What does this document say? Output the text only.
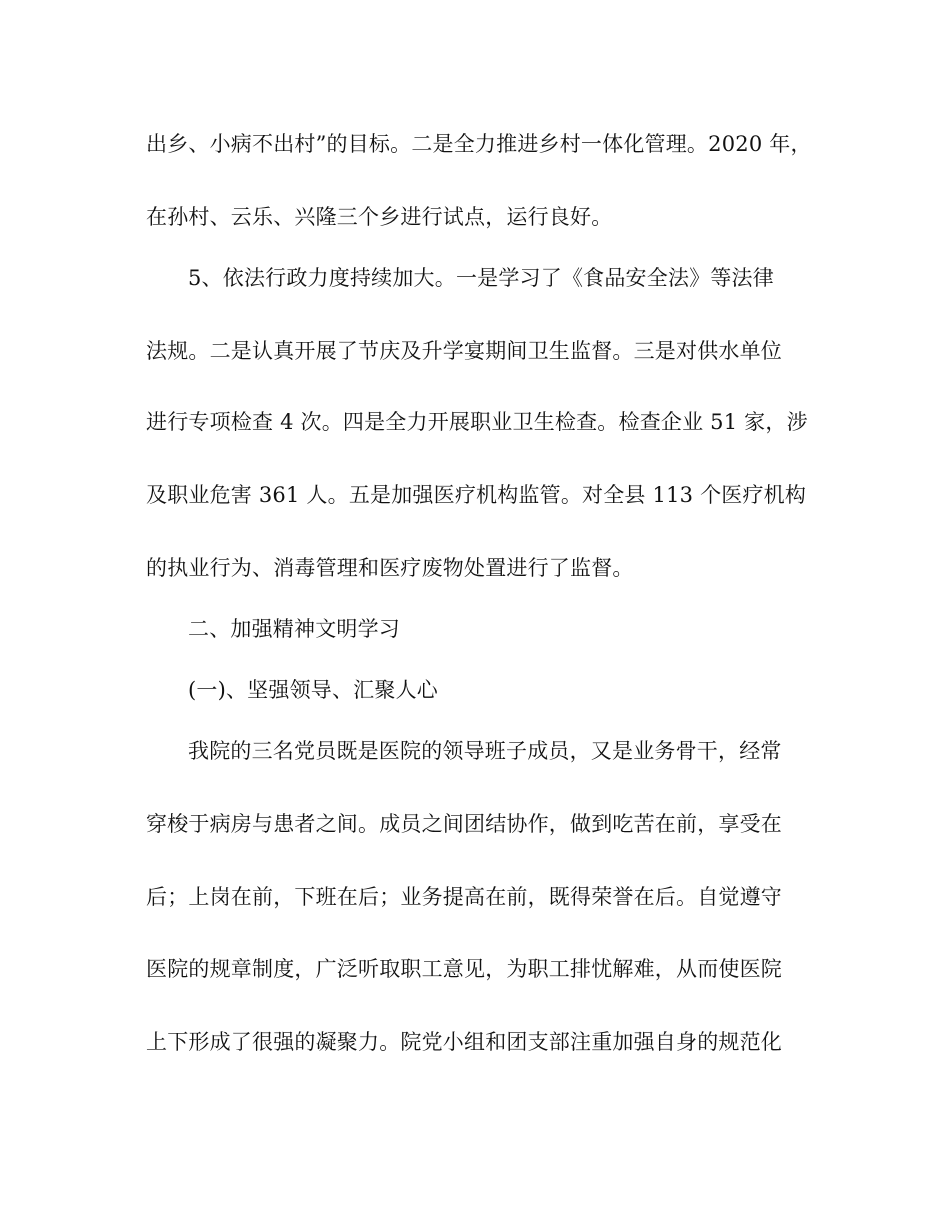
出乡、小病不出村”的目标。二是全力推进乡村一体化管理。2020 年，
在孙村、云乐、兴隆三个乡进行试点，运行良好。
5、依法行政力度持续加大。一是学习了《食品安全法》等法律
法规。二是认真开展了节庆及升学宴期间卫生监督。三是对供水单位
进行专项检查 4 次。四是全力开展职业卫生检查。检查企业 51 家，涉
及职业危害 361 人。五是加强医疗机构监管。对全县 113 个医疗机构
的执业行为、消毒管理和医疗废物处置进行了监督。
二、加强精神文明学习
(一)、坚强领导、汇聚人心
我院的三名党员既是医院的领导班子成员，又是业务骨干，经常
穿梭于病房与患者之间。成员之间团结协作，做到吃苦在前，享受在
后；上岗在前，下班在后；业务提高在前，既得荣誉在后。自觉遵守
医院的规章制度，广泛听取职工意见，为职工排忧解难，从而使医院
上下形成了很强的凝聚力。院党小组和团支部注重加强自身的规范化
